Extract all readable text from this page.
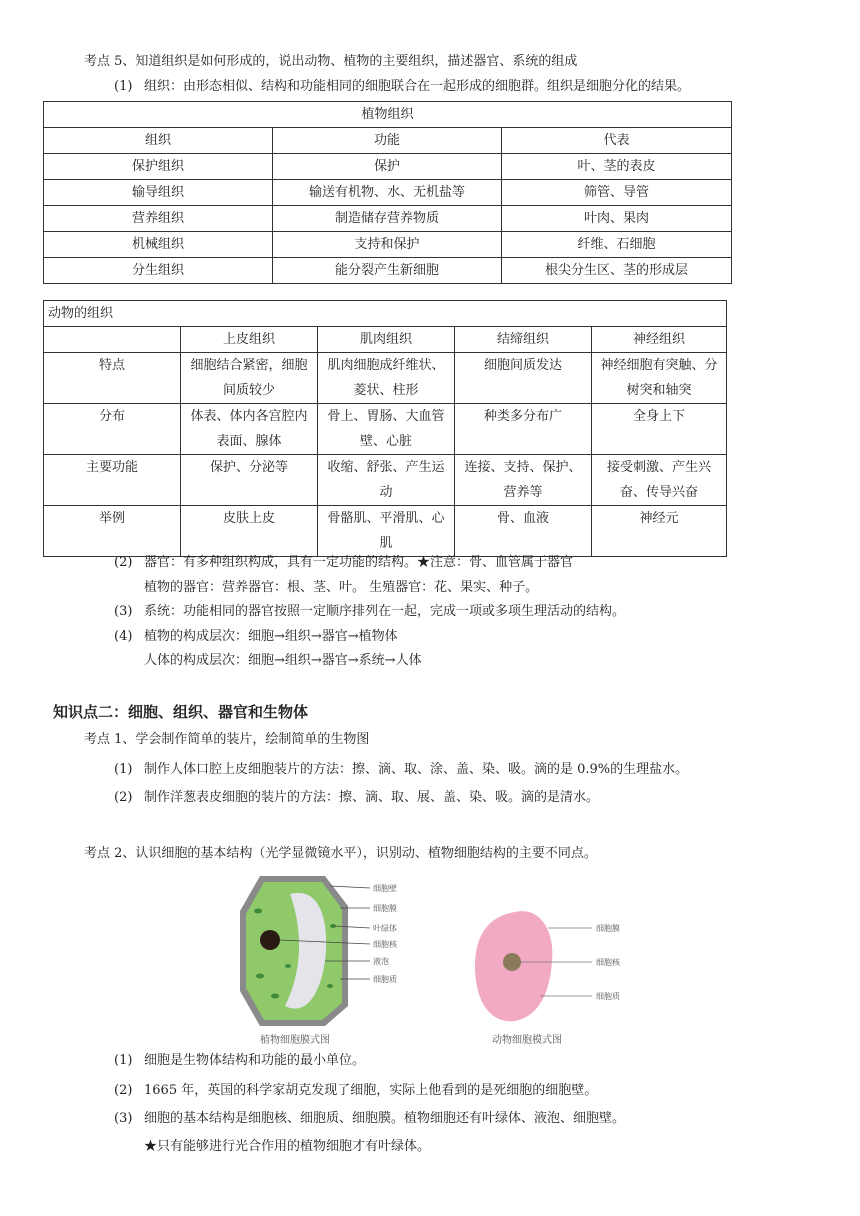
考点 5、知道组织是如何形成的，说出动物、植物的主要组织，描述器官、系统的组成
(1) 组织：由形态相似、结构和功能相同的细胞联合在一起形成的细胞群。组织是细胞分化的结果。
植物组织		
组织	功能	代表
保护组织	保护	叶、茎的表皮
输导组织	输送有机物、水、无机盐等	筛管、导管
营养组织	制造储存营养物质	叶肉、果肉
机械组织	支持和保护	纤维、石细胞
分生组织	能分裂产生新细胞	根尖分生区、茎的形成层
动物的组织				
	上皮组织	肌肉组织	结缔组织	神经组织
特点	细胞结合紧密，细胞间质较少	肌肉细胞成纤维状、菱状、柱形	细胞间质发达	神经细胞有突触、分树突和轴突
分布	体表、体内各宫腔内表面、腺体	骨上、胃肠、大血管壁、心脏	种类多分布广	全身上下
主要功能	保护、分泌等	收缩、舒张、产生运动	连接、支持、保护、营养等	接受刺激、产生兴奋、传导兴奋
举例	皮肤上皮	骨骼肌、平滑肌、心肌	骨、血液	神经元
(2) 器官：有多种组织构成，具有一定功能的结构。★注意：骨、血管属于器官
植物的器官：营养器官：根、茎、叶。 生殖器官：花、果实、种子。
(3) 系统：功能相同的器官按照一定顺序排列在一起，完成一项或多项生理活动的结构。
(4) 植物的构成层次：细胞→组织→器官→植物体
人体的构成层次：细胞→组织→器官→系统→人体
知识点二：细胞、组织、器官和生物体
考点 1、学会制作简单的装片，绘制简单的生物图
(1) 制作人体口腔上皮细胞装片的方法：擦、滴、取、涂、盖、染、吸。滴的是 0.9%的生理盐水。
(2) 制作洋葱表皮细胞的装片的方法：擦、滴、取、展、盖、染、吸。滴的是清水。
考点 2、认识细胞的基本结构（光学显微镜水平），识别动、植物细胞结构的主要不同点。
细胞壁
细胞膜
叶绿体
细胞核
液泡
细胞质
植物细胞膜式图
细胞膜
细胞核
细胞质
动物细胞模式图
(1) 细胞是生物体结构和功能的最小单位。
(2) 1665 年，英国的科学家胡克发现了细胞，实际上他看到的是死细胞的细胞壁。
(3) 细胞的基本结构是细胞核、细胞质、细胞膜。植物细胞还有叶绿体、液泡、细胞壁。
★只有能够进行光合作用的植物细胞才有叶绿体。
